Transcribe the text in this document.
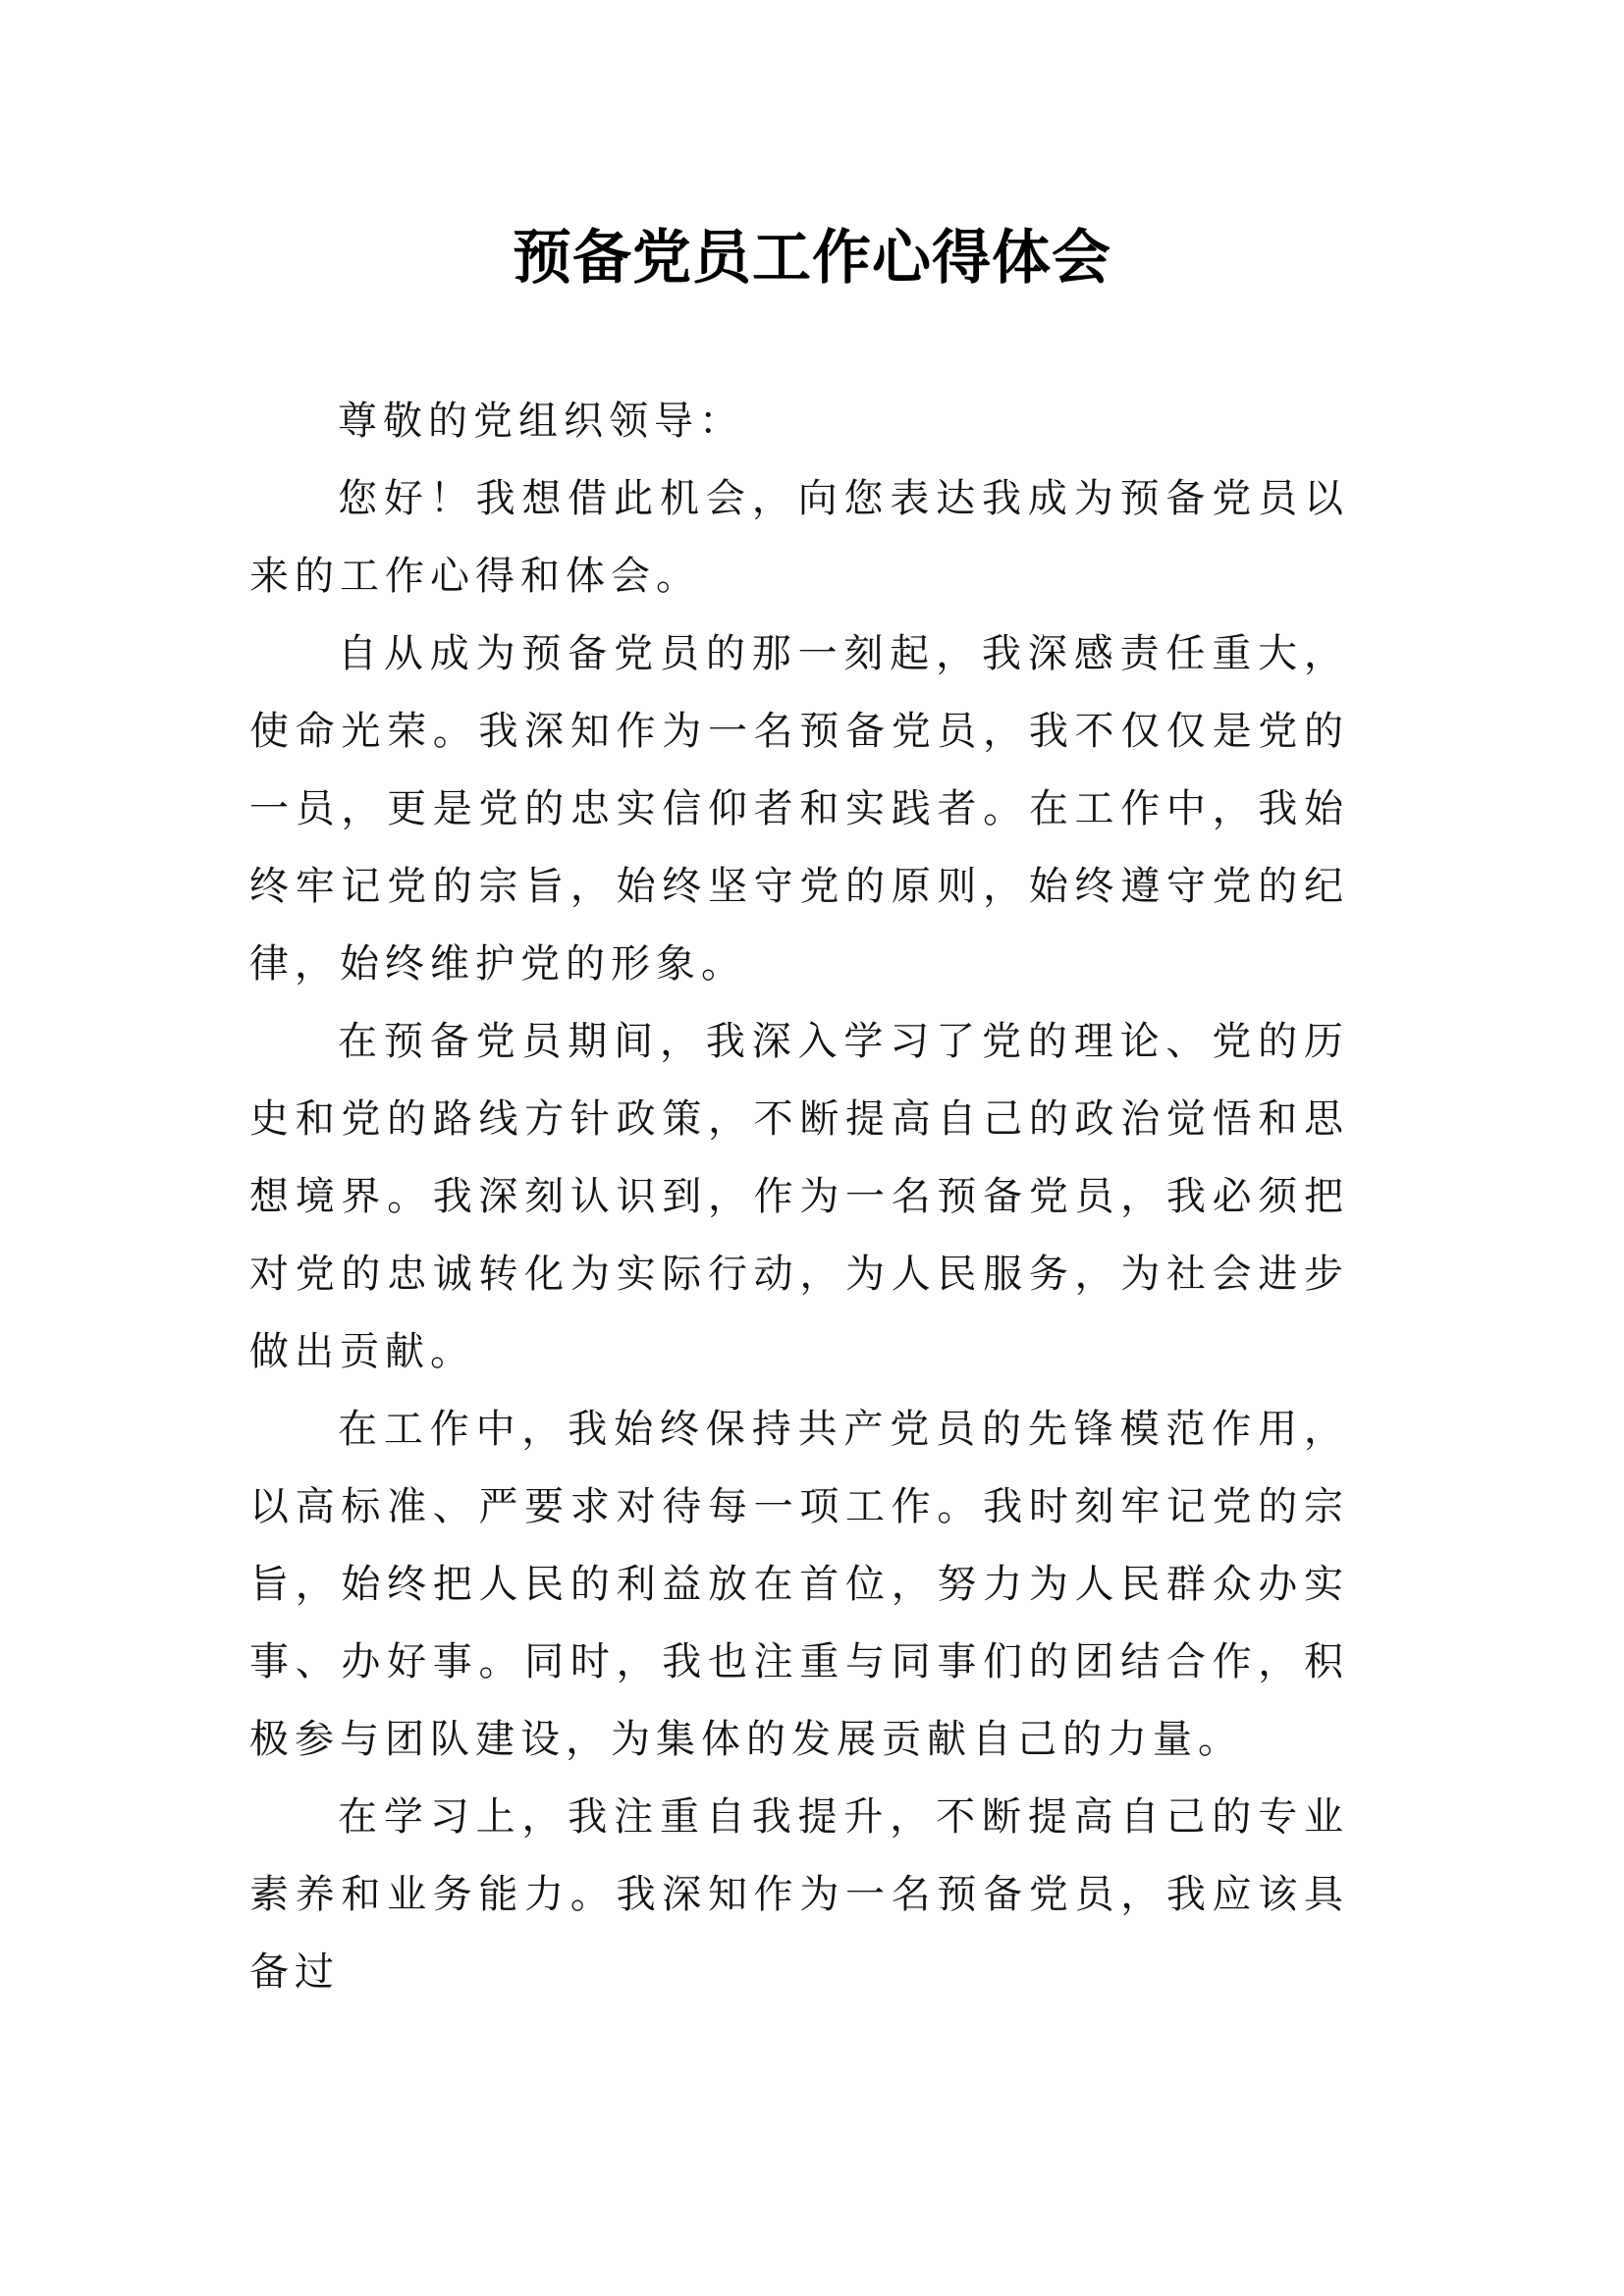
预备党员工作心得体会

尊敬的党组织领导：

您好！我想借此机会，向您表达我成为预备党员以来的工作心得和体会。

自从成为预备党员的那一刻起，我深感责任重大，使命光荣。我深知作为一名预备党员，我不仅仅是党的一员，更是党的忠实信仰者和实践者。在工作中，我始终牢记党的宗旨，始终坚守党的原则，始终遵守党的纪律，始终维护党的形象。

在预备党员期间，我深入学习了党的理论、党的历史和党的路线方针政策，不断提高自己的政治觉悟和思想境界。我深刻认识到，作为一名预备党员，我必须把对党的忠诚转化为实际行动，为人民服务，为社会进步做出贡献。

在工作中，我始终保持共产党员的先锋模范作用，以高标准、严要求对待每一项工作。我时刻牢记党的宗旨，始终把人民的利益放在首位，努力为人民群众办实事、办好事。同时，我也注重与同事们的团结合作，积极参与团队建设，为集体的发展贡献自己的力量。

在学习上，我注重自我提升，不断提高自己的专业素养和业务能力。我深知作为一名预备党员，我应该具备过
